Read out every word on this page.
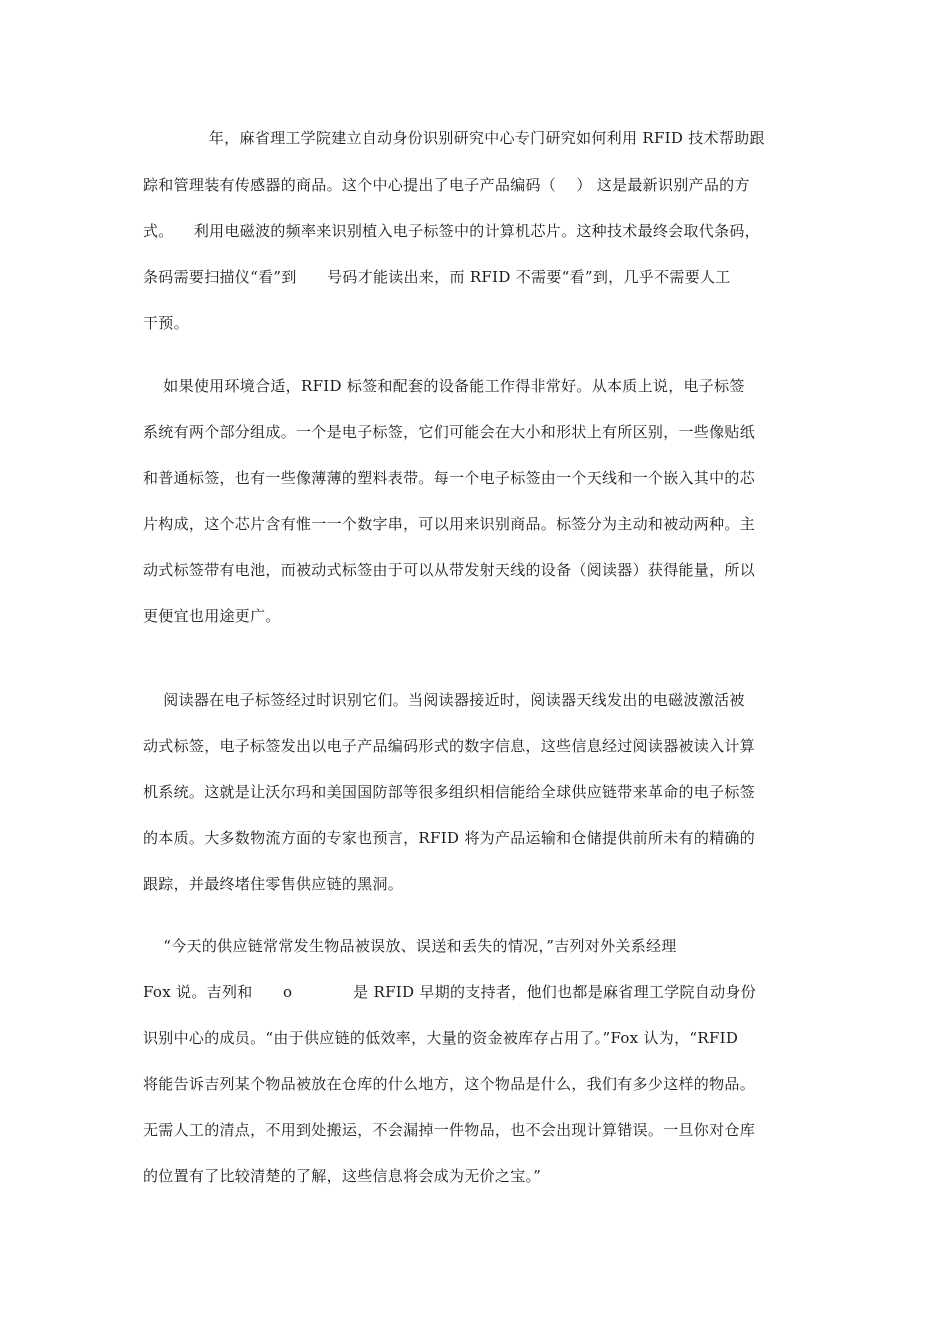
年，麻省理工学院建立自动身份识别研究中心专门研究如何利用 RFID 技术帮助跟
踪和管理装有传感器的商品。这个中心提出了电子产品编码（    ） 这是最新识别产品的方
式。    利用电磁波的频率来识别植入电子标签中的计算机芯片。这种技术最终会取代条码，
条码需要扫描仪“看”到      号码才能读出来，而 RFID 不需要“看”到，几乎不需要人工
干预。
如果使用环境合适，RFID 标签和配套的设备能工作得非常好。从本质上说，电子标签
系统有两个部分组成。一个是电子标签，它们可能会在大小和形状上有所区别，一些像贴纸
和普通标签，也有一些像薄薄的塑料表带。每一个电子标签由一个天线和一个嵌入其中的芯
片构成，这个芯片含有惟一一个数字串，可以用来识别商品。标签分为主动和被动两种。主
动式标签带有电池，而被动式标签由于可以从带发射天线的设备（阅读器）获得能量，所以
更便宜也用途更广。
阅读器在电子标签经过时识别它们。当阅读器接近时，阅读器天线发出的电磁波激活被
动式标签，电子标签发出以电子产品编码形式的数字信息，这些信息经过阅读器被读入计算
机系统。这就是让沃尔玛和美国国防部等很多组织相信能给全球供应链带来革命的电子标签
的本质。大多数物流方面的专家也预言，RFID 将为产品运输和仓储提供前所未有的精确的
跟踪，并最终堵住零售供应链的黑洞。
“今天的供应链常常发生物品被误放、误送和丢失的情况，”吉列对外关系经理
Fox 说。吉列和      o            是 RFID 早期的支持者，他们也都是麻省理工学院自动身份
识别中心的成员。“由于供应链的低效率，大量的资金被库存占用了。”Fox 认为，“RFID
将能告诉吉列某个物品被放在仓库的什么地方，这个物品是什么，我们有多少这样的物品。
无需人工的清点，不用到处搬运，不会漏掉一件物品，也不会出现计算错误。一旦你对仓库
的位置有了比较清楚的了解，这些信息将会成为无价之宝。”
